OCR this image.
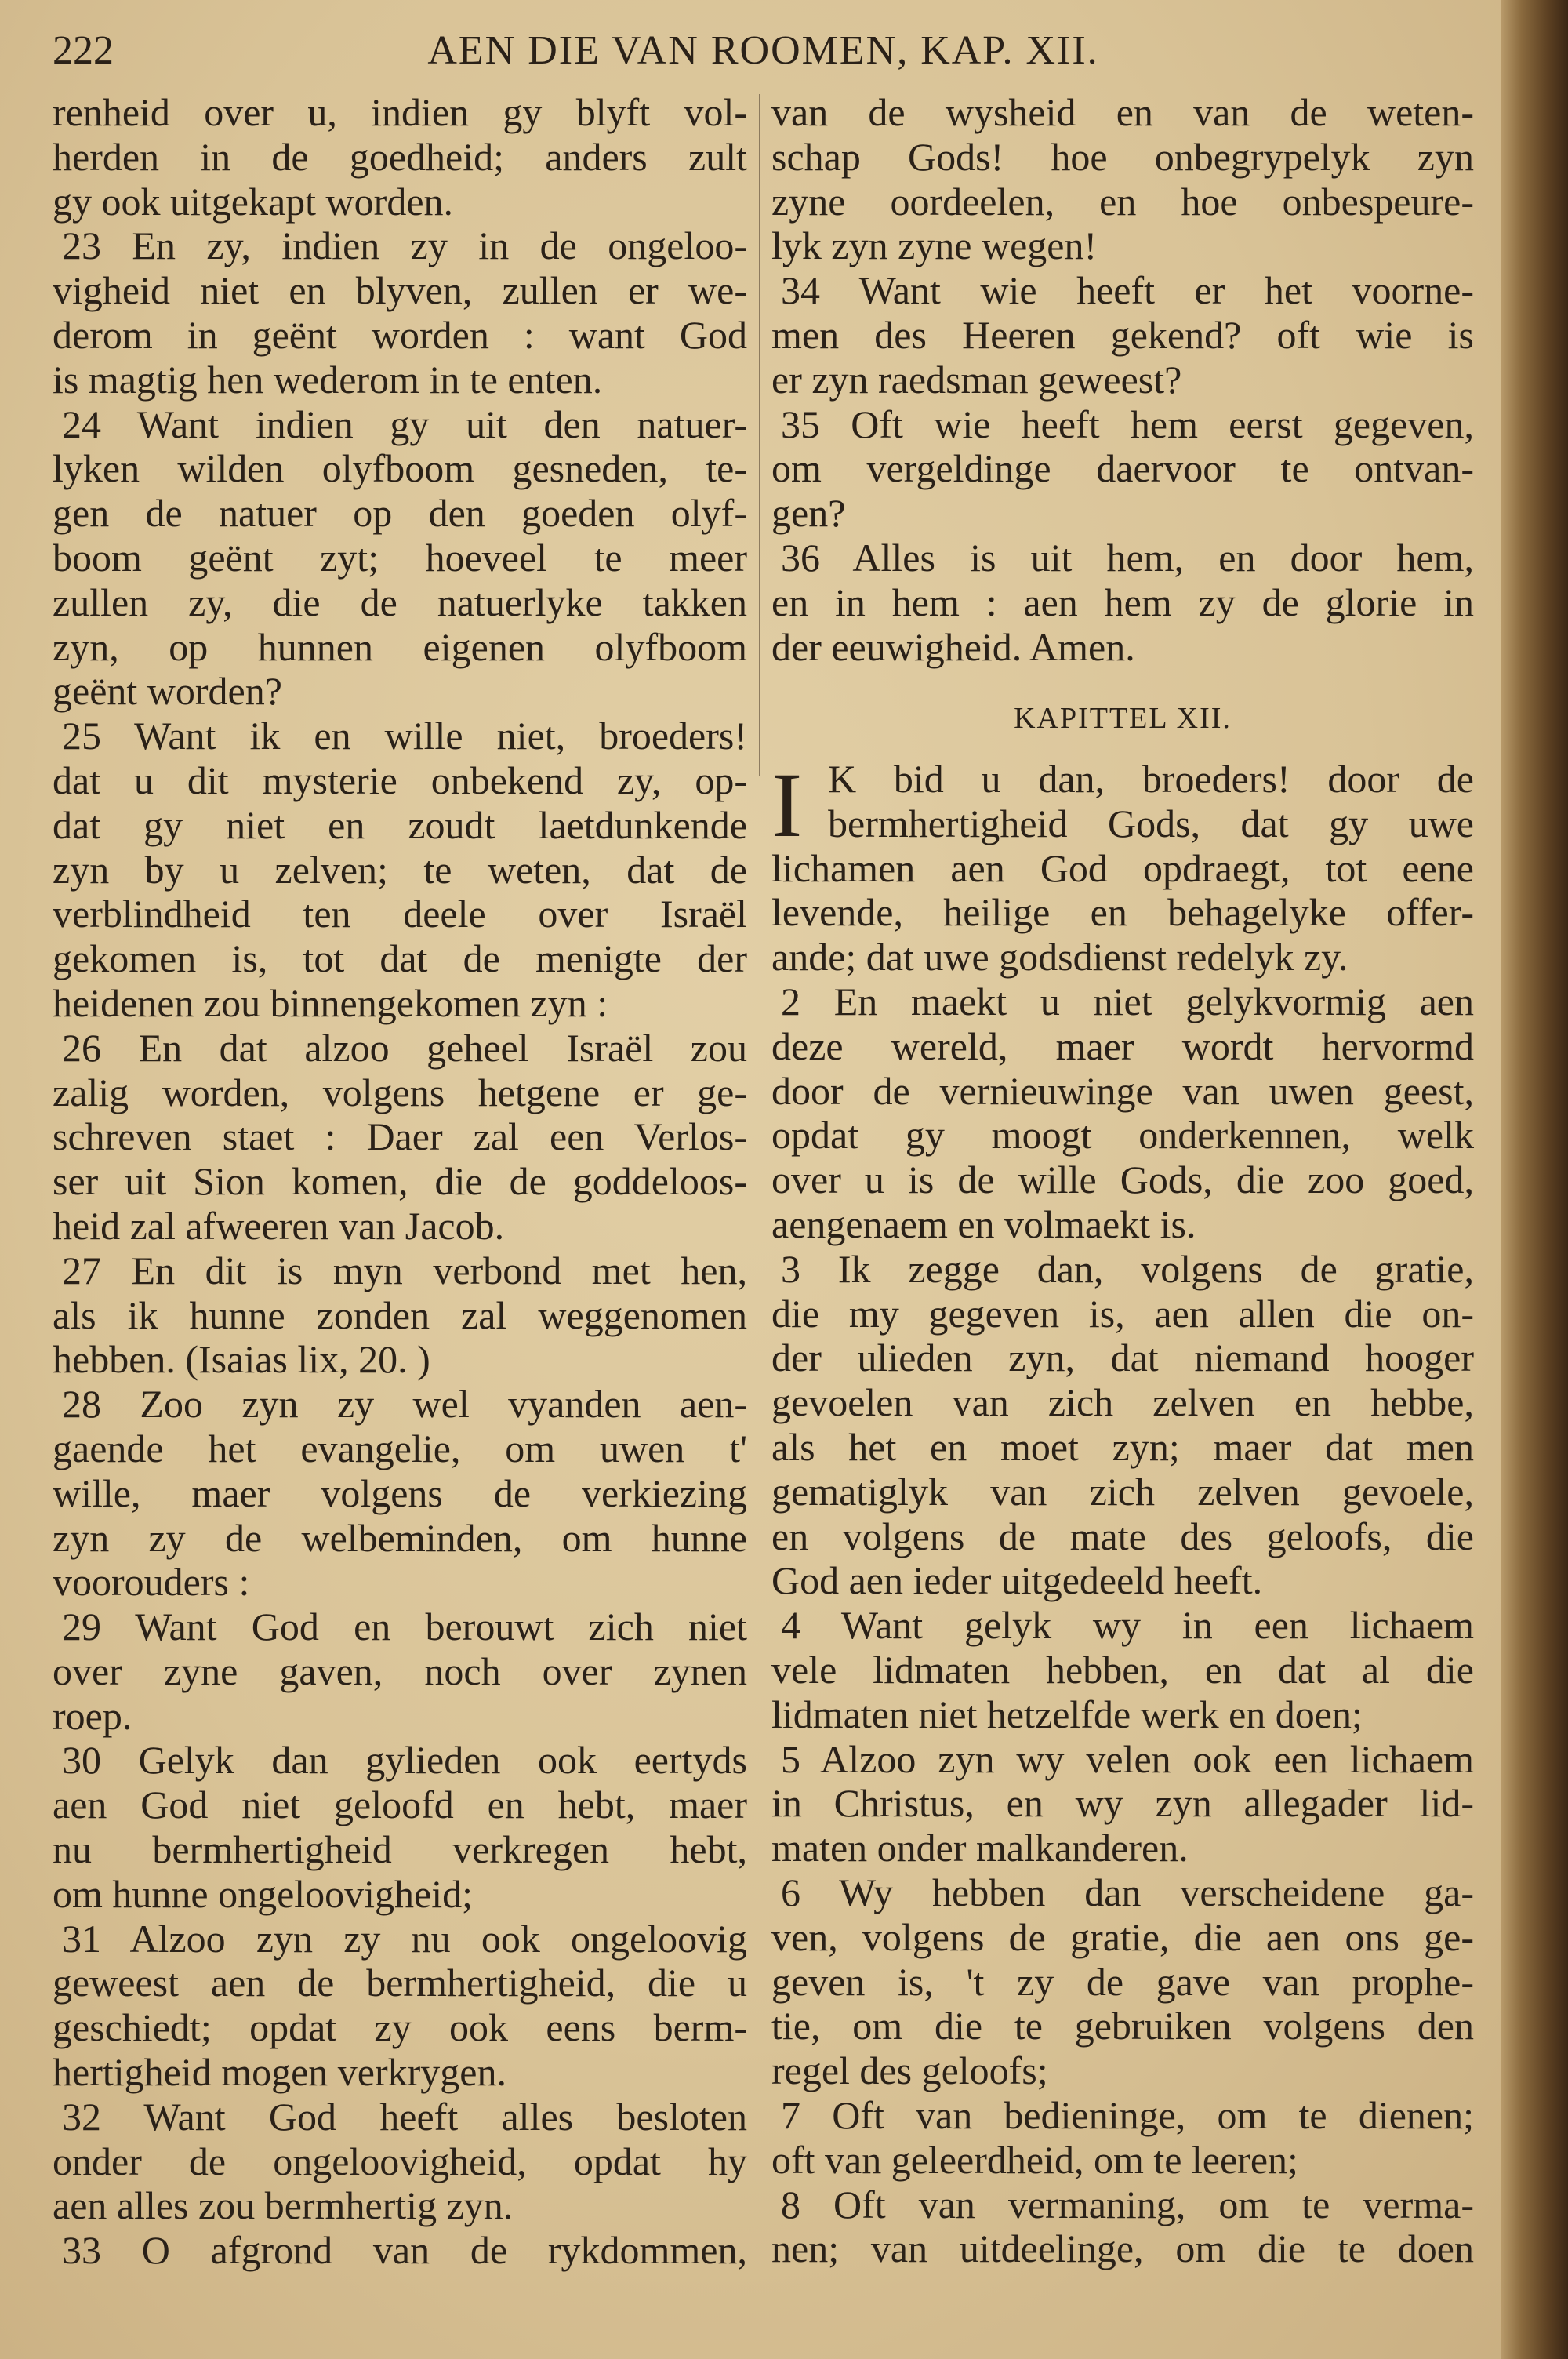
222	AEN DIE VAN ROOMEN, KAP. XII.
renheid over u, indien gy blyft vol-
herden in de goedheid; anders zult
gy ook uitgekapt worden.
23 En zy, indien zy in de ongeloo-
vigheid niet en blyven, zullen er we-
derom in geënt worden : want God
is magtig hen wederom in te enten.
24 Want indien gy uit den natuer-
lyken wilden olyfboom gesneden, te-
gen de natuer op den goeden olyf-
boom geënt zyt; hoeveel te meer
zullen zy, die de natuerlyke takken
zyn, op hunnen eigenen olyfboom
geënt worden?
25 Want ik en wille niet, broeders!
dat u dit mysterie onbekend zy, op-
dat gy niet en zoudt laetdunkende
zyn by u zelven; te weten, dat de
verblindheid ten deele over Israël
gekomen is, tot dat de menigte der
heidenen zou binnengekomen zyn :
26 En dat alzoo geheel Israël zou
zalig worden, volgens hetgene er ge-
schreven staet : Daer zal een Verlos-
ser uit Sion komen, die de goddeloos-
heid zal afweeren van Jacob.
27 En dit is myn verbond met hen,
als ik hunne zonden zal weggenomen
hebben. (Isaias lix, 20. )
28 Zoo zyn zy wel vyanden aen-
gaende het evangelie, om uwen t'
wille, maer volgens de verkiezing
zyn zy de welbeminden, om hunne
voorouders :
29 Want God en berouwt zich niet
over zyne gaven, noch over zynen
roep.
30 Gelyk dan gylieden ook eertyds
aen God niet geloofd en hebt, maer
nu bermhertigheid verkregen hebt,
om hunne ongeloovigheid;
31 Alzoo zyn zy nu ook ongeloovig
geweest aen de bermhertigheid, die u
geschiedt; opdat zy ook eens berm-
hertigheid mogen verkrygen.
32 Want God heeft alles besloten
onder de ongeloovigheid, opdat hy
aen alles zou bermhertig zyn.
33 O afgrond van de rykdommen,
van de wysheid en van de weten-
schap Gods! hoe onbegrypelyk zyn
zyne oordeelen, en hoe onbespeure-
lyk zyn zyne wegen!
34 Want wie heeft er het voorne-
men des Heeren gekend? oft wie is
er zyn raedsman geweest?
35 Oft wie heeft hem eerst gegeven,
om vergeldinge daervoor te ontvan-
gen?
36 Alles is uit hem, en door hem,
en in hem : aen hem zy de glorie in
der eeuwigheid. Amen.
KAPITTEL XII.
I K bid u dan, broeders! door de
bermhertigheid Gods, dat gy uwe
lichamen aen God opdraegt, tot eene
levende, heilige en behagelyke offer-
ande; dat uwe godsdienst redelyk zy.
2 En maekt u niet gelykvormig aen
deze wereld, maer wordt hervormd
door de vernieuwinge van uwen geest,
opdat gy moogt onderkennen, welk
over u is de wille Gods, die zoo goed,
aengenaem en volmaekt is.
3 Ik zegge dan, volgens de gratie,
die my gegeven is, aen allen die on-
der ulieden zyn, dat niemand hooger
gevoelen van zich zelven en hebbe,
als het en moet zyn; maer dat men
gematiglyk van zich zelven gevoele,
en volgens de mate des geloofs, die
God aen ieder uitgedeeld heeft.
4 Want gelyk wy in een lichaem
vele lidmaten hebben, en dat al die
lidmaten niet hetzelfde werk en doen;
5 Alzoo zyn wy velen ook een lichaem
in Christus, en wy zyn allegader lid-
maten onder malkanderen.
6 Wy hebben dan verscheidene ga-
ven, volgens de gratie, die aen ons ge-
geven is, 't zy de gave van prophe-
tie, om die te gebruiken volgens den
regel des geloofs;
7 Oft van bedieninge, om te dienen;
oft van geleerdheid, om te leeren;
8 Oft van vermaning, om te verma-
nen; van uitdeelinge, om die te doen
